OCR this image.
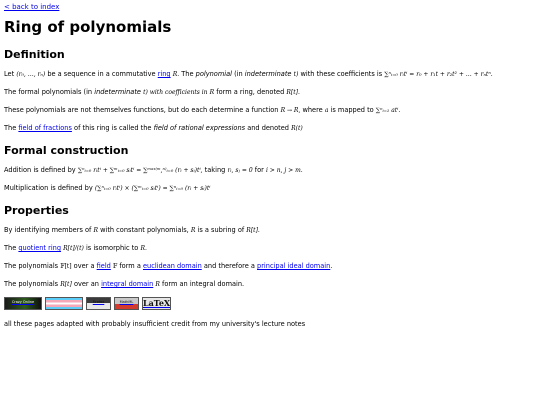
< back to index
Ring of polynomials
Definition

Let (r₀, …, rₙ) be a sequence in a commutative ring R. The polynomial (in indeterminate t) with these coefficients is ∑ⁿᵢ₌₀ rᵢtⁱ = r₀ + r₁t + r₂t² + … + rₙtⁿ.

The formal polynomials (in indeterminate t) with coefficients in R form a ring, denoted R[t].

These polynomials are not themselves functions, but do each determine a function R → R, where a is mapped to ∑ⁿᵢ₌₁ atⁱ.

The field of fractions of this ring is called the field of rational expressions and denoted R(t)

Formal construction

Addition is defined by ∑ⁿᵢ₌₀ rᵢtⁱ + ∑ᵐᵢ₌₀ sᵢtⁱ = ∑ᵐᵃˣ⁽ᵐ,ⁿ⁾ᵢ₌₀ (rᵢ + sᵢ)tⁱ, taking rᵢ, sⱼ = 0 for i > n, j > m.

Multiplication is defined by (∑ⁿᵢ₌₀ rᵢtⁱ) × (∑ᵐᵢ₌₀ sᵢtⁱ) = ∑ⁿᵢ₌₀ (rᵢ + sᵢ)tⁱ

Properties

By identifying members of R with constant polynomials, R is a subring of R[t].

The quotient ring R[t]/(t) is isomorphic to R.

The polynomials 𝔽[t] over a field 𝔽 form a euclidean domain and therefore a principal ideal domain.

The polynomials R[t] over an integral domain R form an integral domain.

Crazy Online	Firefox	MathML	LaTeX

all these pages adapted with probably insufficient credit from my university's lecture notes
